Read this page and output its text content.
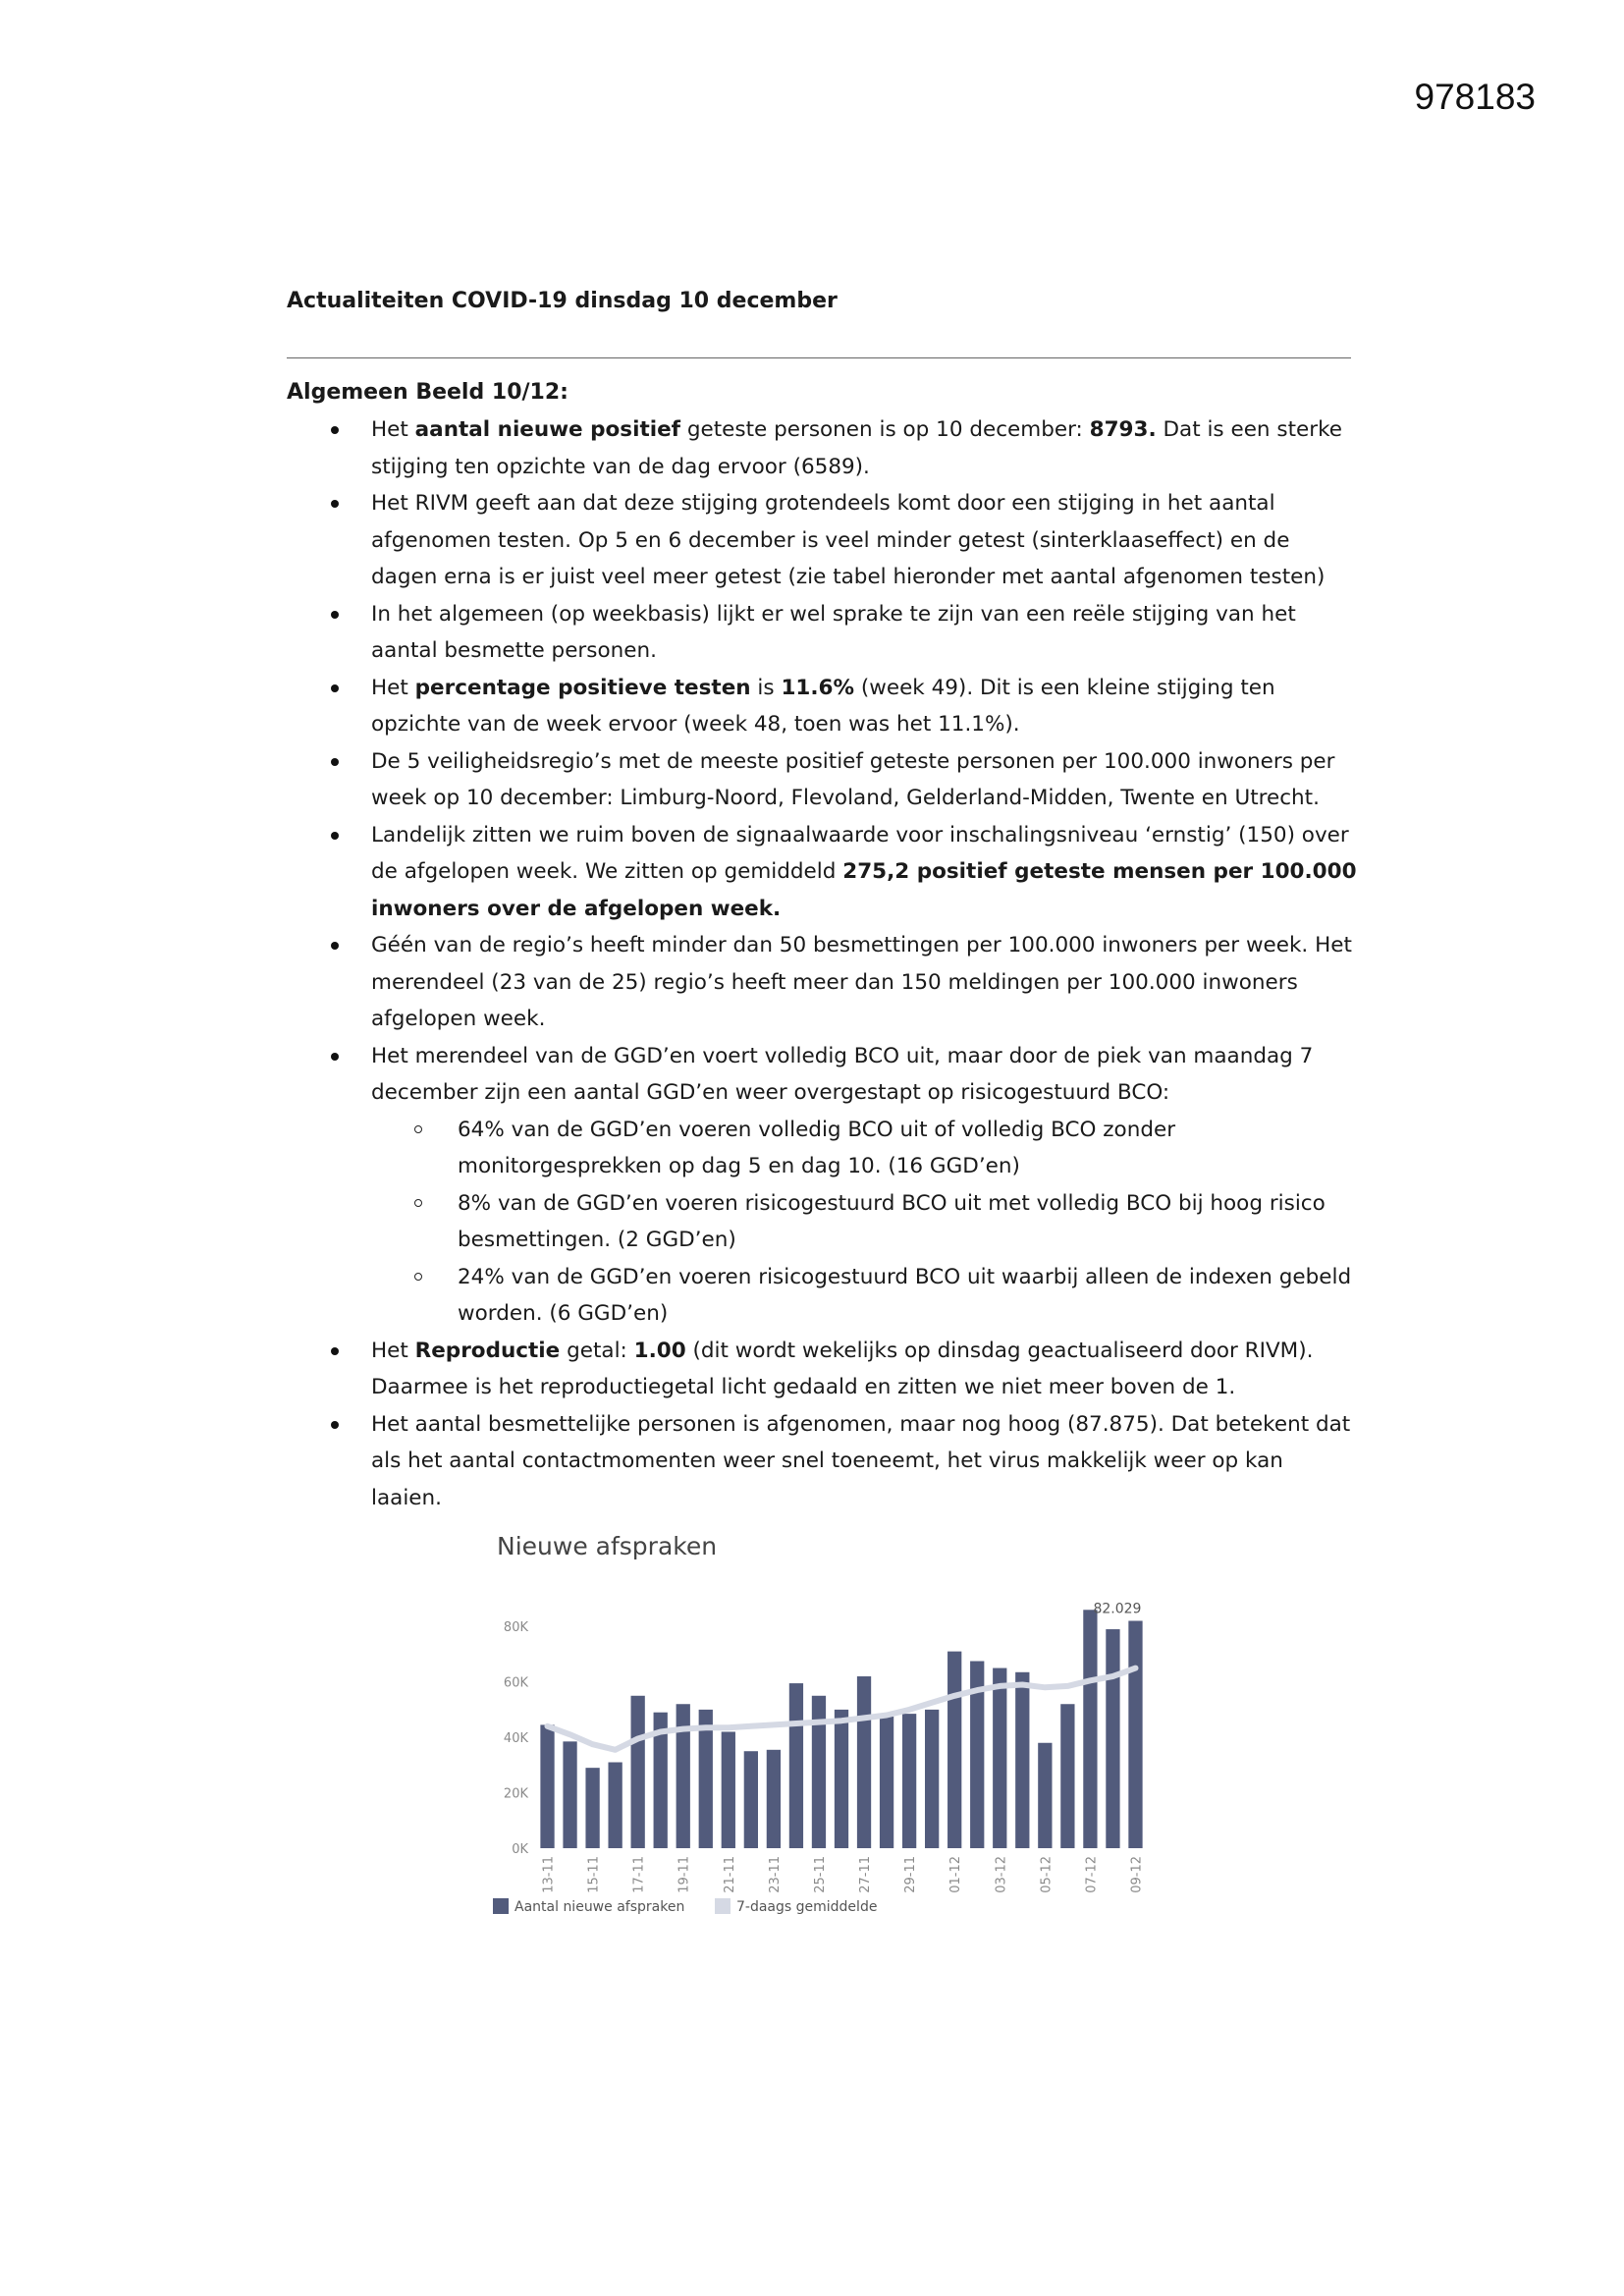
978183

Actualiteiten COVID-19 dinsdag 10 december

Algemeen Beeld 10/12:

Het aantal nieuwe positief geteste personen is op 10 december: 8793. Dat is een sterke stijging ten opzichte van de dag ervoor (6589).
Het RIVM geeft aan dat deze stijging grotendeels komt door een stijging in het aantal afgenomen testen. Op 5 en 6 december is veel minder getest (sinterklaaseffect) en de dagen erna is er juist veel meer getest (zie tabel hieronder met aantal afgenomen testen)
In het algemeen (op weekbasis) lijkt er wel sprake te zijn van een reële stijging van het aantal besmette personen.
Het percentage positieve testen is 11.6% (week 49). Dit is een kleine stijging ten opzichte van de week ervoor (week 48, toen was het 11.1%).
De 5 veiligheidsregio’s met de meeste positief geteste personen per 100.000 inwoners per week op 10 december: Limburg-Noord, Flevoland, Gelderland-Midden, Twente en Utrecht.
Landelijk zitten we ruim boven de signaalwaarde voor inschalingsniveau ‘ernstig’ (150) over de afgelopen week. We zitten op gemiddeld 275,2 positief geteste mensen per 100.000 inwoners over de afgelopen week.
Géén van de regio’s heeft minder dan 50 besmettingen per 100.000 inwoners per week. Het merendeel (23 van de 25) regio’s heeft meer dan 150 meldingen per 100.000 inwoners afgelopen week.
Het merendeel van de GGD’en voert volledig BCO uit, maar door de piek van maandag 7 december zijn een aantal GGD’en weer overgestapt op risicogestuurd BCO:
64% van de GGD’en voeren volledig BCO uit of volledig BCO zonder monitorgesprekken op dag 5 en dag 10. (16 GGD’en)
8% van de GGD’en voeren risicogestuurd BCO uit met volledig BCO bij hoog risico besmettingen. (2 GGD’en)
24% van de GGD’en voeren risicogestuurd BCO uit waarbij alleen de indexen gebeld worden. (6 GGD’en)
Het Reproductie getal: 1.00 (dit wordt wekelijks op dinsdag geactualiseerd door RIVM). Daarmee is het reproductiegetal licht gedaald en zitten we niet meer boven de 1.
Het aantal besmettelijke personen is afgenomen, maar nog hoog (87.875). Dat betekent dat als het aantal contactmomenten weer snel toeneemt, het virus makkelijk weer op kan laaien.
Nieuwe afspraken
0K
20K
40K
60K
80K
82.029
13-11 15-11 17-11 19-11 21-11 23-11 25-11 27-11 29-11 01-12 03-12 05-12 07-12 09-12
Aantal nieuwe afspraken	7-daags gemiddelde
